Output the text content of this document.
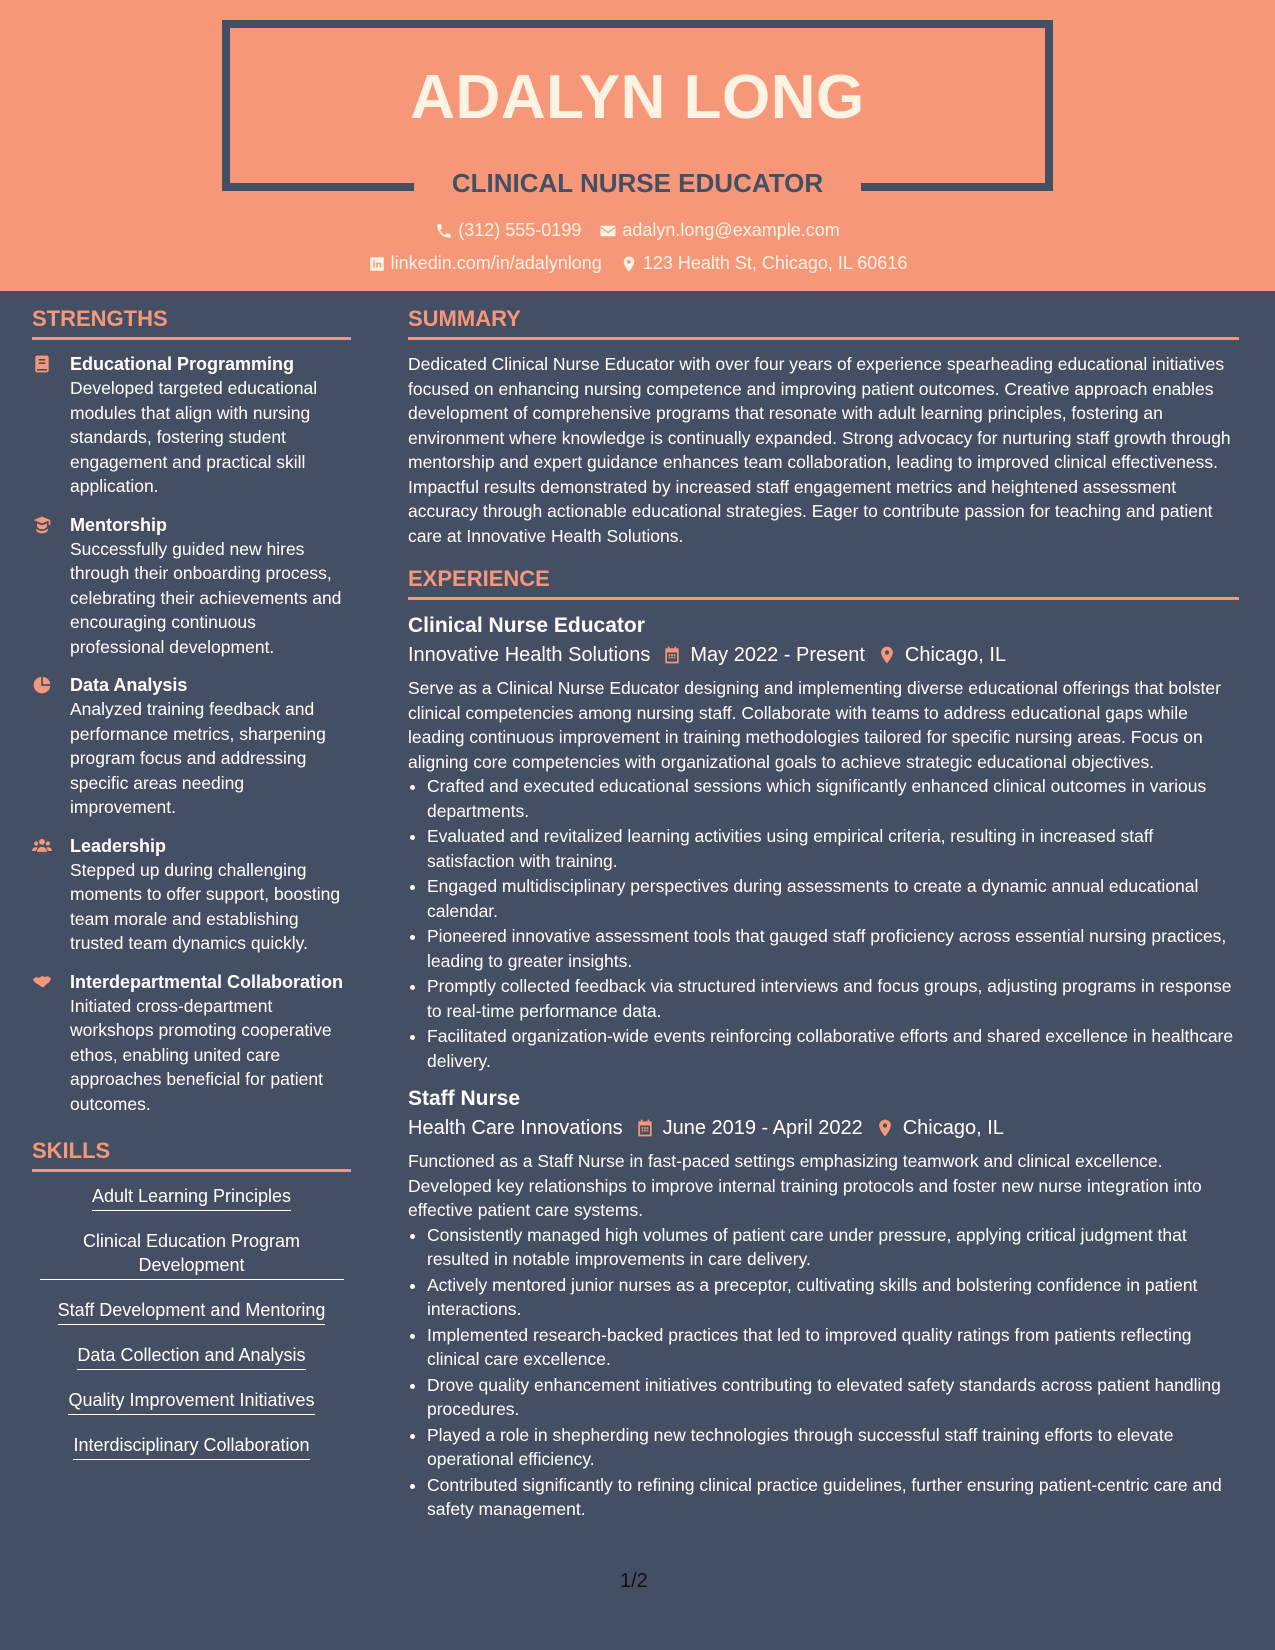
ADALYN LONG
CLINICAL NURSE EDUCATOR
(312) 555-0199 adalyn.long@example.com
linkedin.com/in/adalynlong 123 Health St, Chicago, IL 60616
STRENGTHS
Educational Programming
Developed targeted educational modules that align with nursing standards, fostering student engagement and practical skill application.
Mentorship
Successfully guided new hires through their onboarding process, celebrating their achievements and encouraging continuous professional development.
Data Analysis
Analyzed training feedback and performance metrics, sharpening program focus and addressing specific areas needing improvement.
Leadership
Stepped up during challenging moments to offer support, boosting team morale and establishing trusted team dynamics quickly.
Interdepartmental Collaboration
Initiated cross-department workshops promoting cooperative ethos, enabling united care approaches beneficial for patient outcomes.
SKILLS
Adult Learning Principles
Clinical Education Program Development
Staff Development and Mentoring
Data Collection and Analysis
Quality Improvement Initiatives
Interdisciplinary Collaboration
SUMMARY
Dedicated Clinical Nurse Educator with over four years of experience spearheading educational initiatives focused on enhancing nursing competence and improving patient outcomes. Creative approach enables development of comprehensive programs that resonate with adult learning principles, fostering an environment where knowledge is continually expanded. Strong advocacy for nurturing staff growth through mentorship and expert guidance enhances team collaboration, leading to improved clinical effectiveness. Impactful results demonstrated by increased staff engagement metrics and heightened assessment accuracy through actionable educational strategies. Eager to contribute passion for teaching and patient care at Innovative Health Solutions.
EXPERIENCE
Clinical Nurse Educator
Innovative Health Solutions May 2022 - Present Chicago, IL
Serve as a Clinical Nurse Educator designing and implementing diverse educational offerings that bolster clinical competencies among nursing staff. Collaborate with teams to address educational gaps while leading continuous improvement in training methodologies tailored for specific nursing areas. Focus on aligning core competencies with organizational goals to achieve strategic educational objectives.
• Crafted and executed educational sessions which significantly enhanced clinical outcomes in various departments.
• Evaluated and revitalized learning activities using empirical criteria, resulting in increased staff satisfaction with training.
• Engaged multidisciplinary perspectives during assessments to create a dynamic annual educational calendar.
• Pioneered innovative assessment tools that gauged staff proficiency across essential nursing practices, leading to greater insights.
• Promptly collected feedback via structured interviews and focus groups, adjusting programs in response to real-time performance data.
• Facilitated organization-wide events reinforcing collaborative efforts and shared excellence in healthcare delivery.
Staff Nurse
Health Care Innovations June 2019 - April 2022 Chicago, IL
Functioned as a Staff Nurse in fast-paced settings emphasizing teamwork and clinical excellence. Developed key relationships to improve internal training protocols and foster new nurse integration into effective patient care systems.
• Consistently managed high volumes of patient care under pressure, applying critical judgment that resulted in notable improvements in care delivery.
• Actively mentored junior nurses as a preceptor, cultivating skills and bolstering confidence in patient interactions.
• Implemented research-backed practices that led to improved quality ratings from patients reflecting clinical care excellence.
• Drove quality enhancement initiatives contributing to elevated safety standards across patient handling procedures.
• Played a role in shepherding new technologies through successful staff training efforts to elevate operational efficiency.
• Contributed significantly to refining clinical practice guidelines, further ensuring patient-centric care and safety management.
1/2
